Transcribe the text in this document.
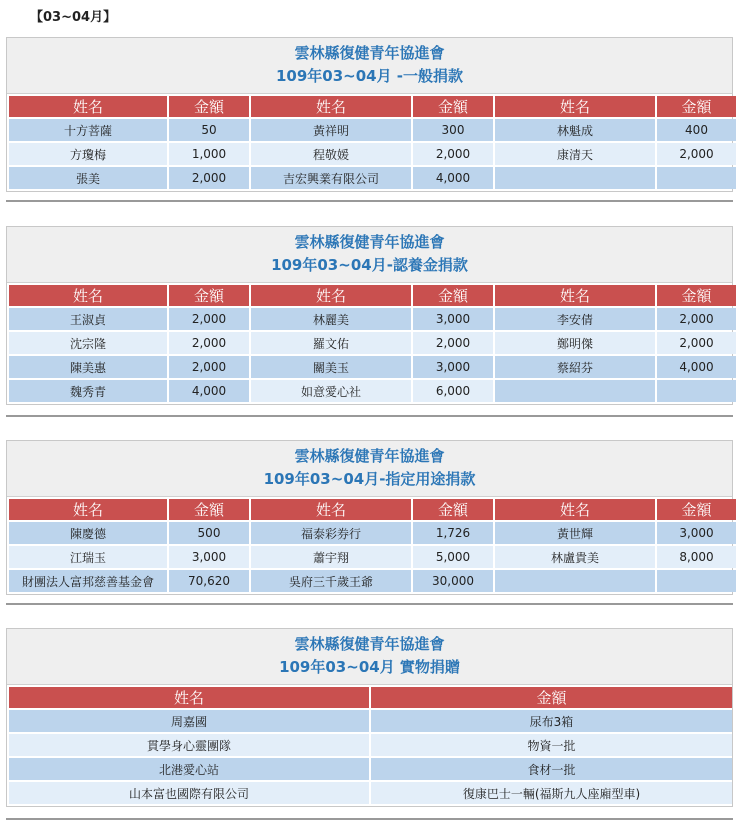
【03~04月】
雲林縣復健青年協進會
109年03~04月 -一般捐款
姓名	金額	姓名	金額	姓名	金額
十方菩薩	50	黃祥明	300	林魁成	400
方瓊梅	1,000	程敬媛	2,000	康清天	2,000
張美	2,000	吉宏興業有限公司	4,000		
雲林縣復健青年協進會
109年03~04月-認養金捐款
姓名	金額	姓名	金額	姓名	金額
王淑貞	2,000	林麗美	3,000	李安倩	2,000
沈宗隆	2,000	羅文佑	2,000	鄭明傑	2,000
陳美惠	2,000	關美玉	3,000	蔡紹芬	4,000
魏秀青	4,000	如意愛心社	6,000		
雲林縣復健青年協進會
109年03~04月-指定用途捐款
姓名	金額	姓名	金額	姓名	金額
陳慶德	500	福泰彩券行	1,726	黃世輝	3,000
江瑞玉	3,000	蕭宇翔	5,000	林盧貴美	8,000
財團法人富邦慈善基金會	70,620	吳府三千歲王爺	30,000		
雲林縣復健青年協進會
109年03~04月 實物捐贈
姓名	金額
周嘉國	尿布3箱
貫學身心靈團隊	物資一批
北港愛心站	食材一批
山本富也國際有限公司	復康巴士一輛(福斯九人座廂型車)
